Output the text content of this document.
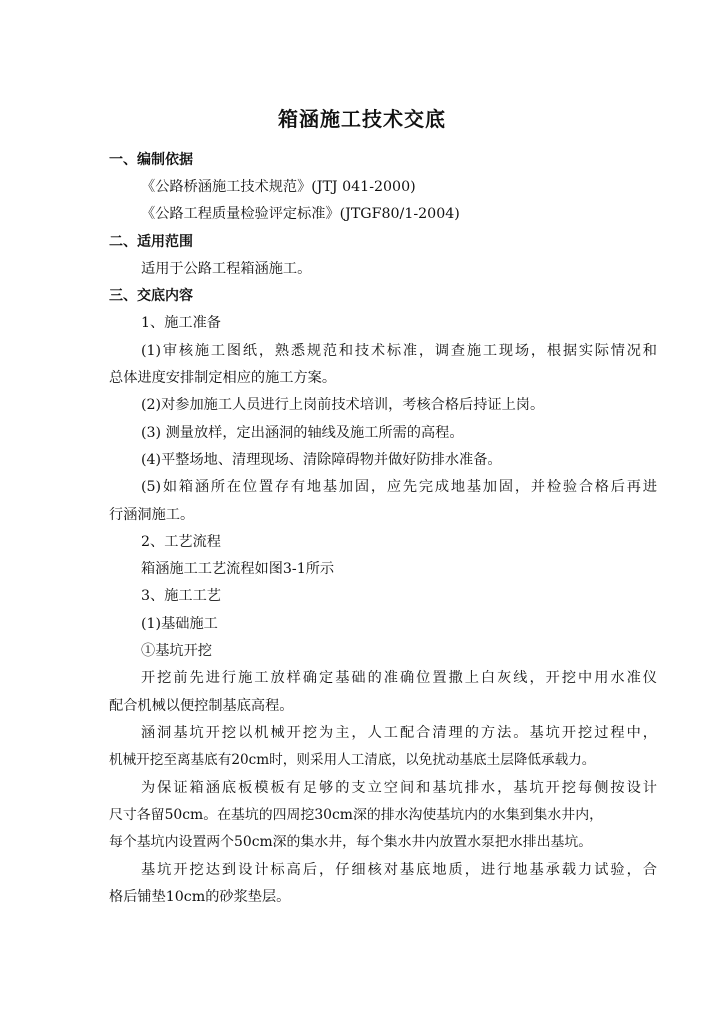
箱涵施工技术交底
一、编制依据
《公路桥涵施工技术规范》(JTJ 041-2000)
《公路工程质量检验评定标准》(JTGF80/1-2004)
二、适用范围
适用于公路工程箱涵施工。
三、交底内容
1、施工准备
(1)审核施工图纸，熟悉规范和技术标准，调查施工现场，根据实际情况和
总体进度安排制定相应的施工方案。
(2)对参加施工人员进行上岗前技术培训，考核合格后持证上岗。
(3) 测量放样，定出涵洞的轴线及施工所需的高程。
(4)平整场地、清理现场、清除障碍物并做好防排水准备。
(5)如箱涵所在位置存有地基加固，应先完成地基加固，并检验合格后再进
行涵洞施工。
2、工艺流程
箱涵施工工艺流程如图3-1所示
3、施工工艺
(1)基础施工
①基坑开挖
开挖前先进行施工放样确定基础的准确位置撒上白灰线，开挖中用水准仪
配合机械以便控制基底高程。
涵洞基坑开挖以机械开挖为主，人工配合清理的方法。基坑开挖过程中，
机械开挖至离基底有20cm时，则采用人工清底，以免扰动基底土层降低承载力。
为保证箱涵底板模板有足够的支立空间和基坑排水，基坑开挖每侧按设计
尺寸各留50cm。在基坑的四周挖30cm深的排水沟使基坑内的水集到集水井内，
每个基坑内设置两个50cm深的集水井，每个集水井内放置水泵把水排出基坑。
基坑开挖达到设计标高后，仔细核对基底地质，进行地基承载力试验，合
格后铺垫10cm的砂浆垫层。
